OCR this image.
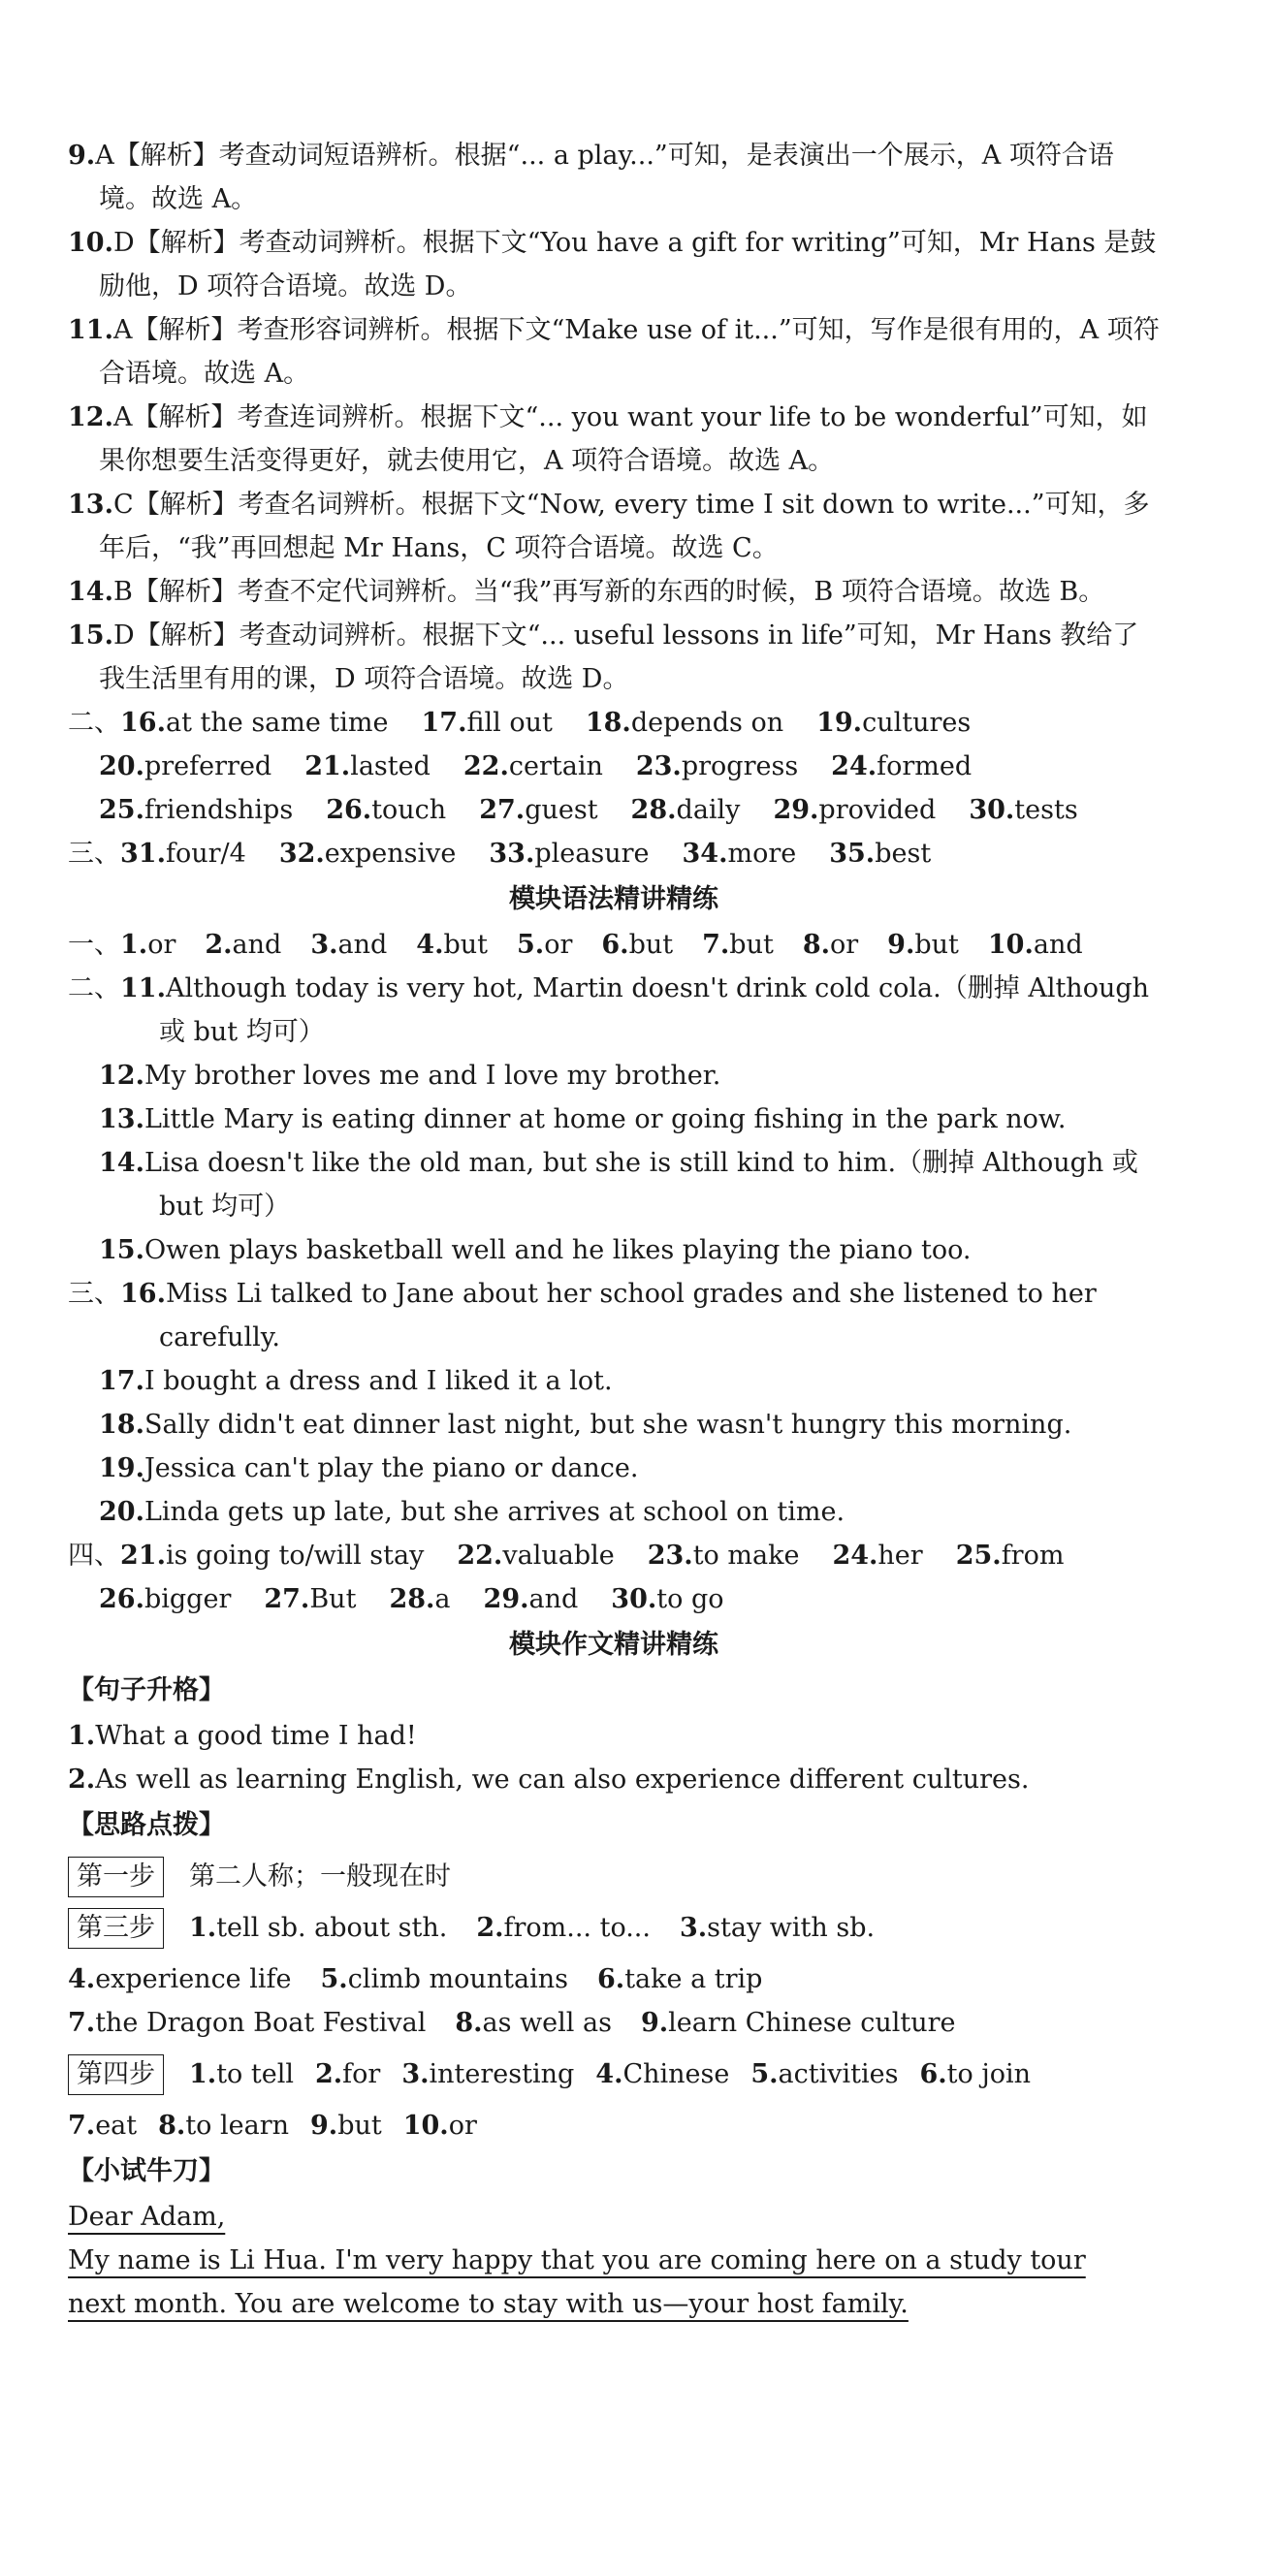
9.A【解析】考查动词短语辨析。根据“... a play...”可知，是表演出一个展示，A 项符合语境。故选 A。

10.D【解析】考查动词辨析。根据下文“You have a gift for writing”可知，Mr Hans 是鼓励他，D 项符合语境。故选 D。

11.A【解析】考查形容词辨析。根据下文“Make use of it...”可知，写作是很有用的，A 项符合语境。故选 A。

12.A【解析】考查连词辨析。根据下文“... you want your life to be wonderful”可知，如果你想要生活变得更好，就去使用它，A 项符合语境。故选 A。

13.C【解析】考查名词辨析。根据下文“Now, every time I sit down to write...”可知，多年后，“我”再回想起 Mr Hans，C 项符合语境。故选 C。

14.B【解析】考查不定代词辨析。当“我”再写新的东西的时候，B 项符合语境。故选 B。

15.D【解析】考查动词辨析。根据下文“... useful lessons in life”可知，Mr Hans 教给了我生活里有用的课，D 项符合语境。故选 D。

二、16.at the same time 17.fill out 18.depends on 19.cultures
20.preferred 21.lasted 22.certain 23.progress 24.formed
25.friendships 26.touch 27.guest 28.daily 29.provided 30.tests
三、31.four/4 32.expensive 33.pleasure 34.more 35.best
模块语法精讲精练
一、1.or 2.and 3.and 4.but 5.or 6.but 7.but 8.or 9.but 10.and

二、11.Although today is very hot, Martin doesn't drink cold cola.（删掉 Although 或 but 均可）

12.My brother loves me and I love my brother.

13.Little Mary is eating dinner at home or going fishing in the park now.

14.Lisa doesn't like the old man, but she is still kind to him.（删掉 Although 或 but 均可）

15.Owen plays basketball well and he likes playing the piano too.

三、16.Miss Li talked to Jane about her school grades and she listened to her carefully.

17.I bought a dress and I liked it a lot.

18.Sally didn't eat dinner last night, but she wasn't hungry this morning.

19.Jessica can't play the piano or dance.

20.Linda gets up late, but she arrives at school on time.

四、21.is going to/will stay 22.valuable 23.to make 24.her 25.from
26.bigger 27.But 28.a 29.and 30.to go
模块作文精讲精练
【句子升格】

1.What a good time I had!

2.As well as learning English, we can also experience different cultures.

【思路点拨】
第一步 第二人称；一般现在时
第三步 1.tell sb. about sth. 2.from... to... 3.stay with sb.
4.experience life 5.climb mountains 6.take a trip
7.the Dragon Boat Festival 8.as well as 9.learn Chinese culture
第四步 1.to tell 2.for 3.interesting 4.Chinese 5.activities 6.to join
7.eat 8.to learn 9.but 10.or
【小试牛刀】
Dear Adam,
My name is Li Hua. I'm very happy that you are coming here on a study tour
next month. You are welcome to stay with us—your host family.
